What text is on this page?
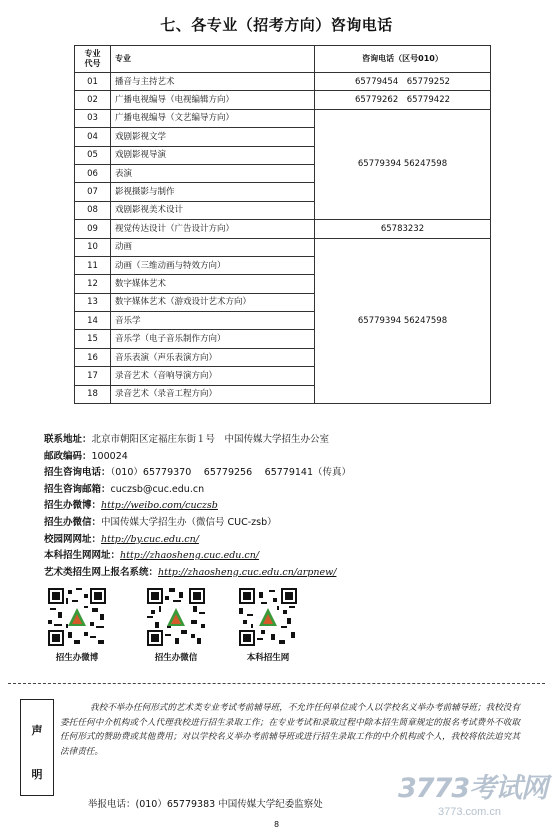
七、各专业（招考方向）咨询电话
专业
代号	专业	咨询电话（区号010）
01	播音与主持艺术	65779454　65779252
02	广播电视编导（电视编辑方向）	65779262　65779422
03	广播电视编导（文艺编导方向）	65779394 56247598
04	戏剧影视文学	
05	戏剧影视导演	
06	表演	
07	影视摄影与制作	
08	戏剧影视美术设计	
09	视觉传达设计（广告设计方向）	65783232
10	动画	65779394 56247598
11	动画（三维动画与特效方向）	
12	数字媒体艺术	
13	数字媒体艺术（游戏设计艺术方向）	
14	音乐学	
15	音乐学（电子音乐制作方向）	
16	音乐表演（声乐表演方向）	
17	录音艺术（音响导演方向）	
18	录音艺术（录音工程方向）	
联系地址：北京市朝阳区定福庄东街１号　中国传媒大学招生办公室
邮政编码：100024
招生咨询电话：（010）65779370　 65779256　 65779141（传真）
招生咨询邮箱：cuczsb@cuc.edu.cn
招生办微博：http://weibo.com/cuczsb
招生办微信：中国传媒大学招生办（微信号 CUC-zsb）
校园网网址：http://by.cuc.edu.cn/
本科招生网网址：http://zhaosheng.cuc.edu.cn/
艺术类招生网上报名系统：http://zhaosheng.cuc.edu.cn/arpnew/
招生办微博	招生办微信	本科招生网
声
明
我校不举办任何形式的艺术类专业考试考前辅导班，不允许任何单位或个人以学校名义举办考前辅导班；我校没有委托任何中介机构或个人代理我校进行招生录取工作；在专业考试和录取过程中除本招生简章规定的报名考试费外不收取任何形式的赞助费或其他费用；对以学校名义举办考前辅导班或进行招生录取工作的中介机构或个人，我校将依法追究其法律责任。
举报电话：(010）65779383 中国传媒大学纪委监察处
3773考试网
3773.com.cn
8
